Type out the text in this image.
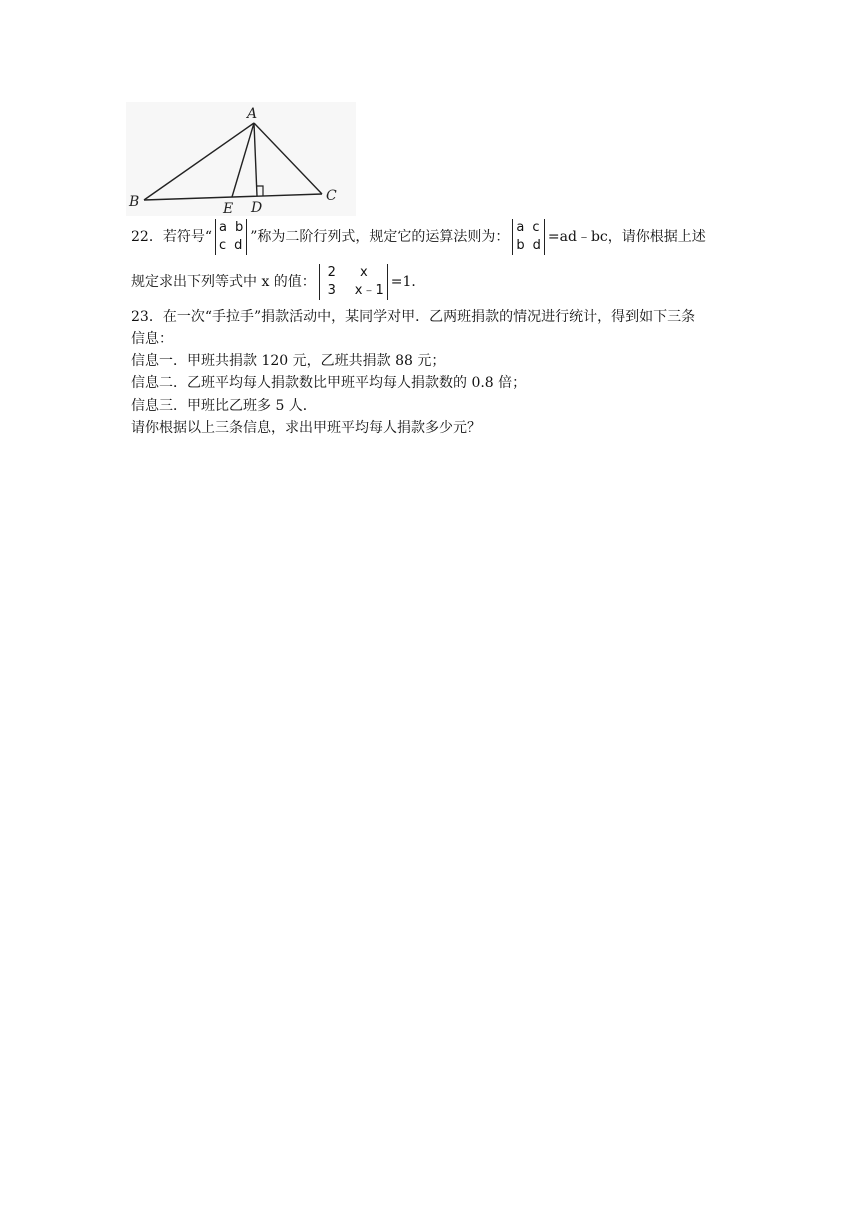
A
B	C
D
E
22．若符号“
a b
c d
”称为二阶行列式，规定它的运算法则为：
a c
b d
=ad﹣bc，请你根据上述
规定求出下列等式中 x 的值：
2	x
3	x﹣1
=1．
23．在一次“手拉手”捐款活动中，某同学对甲．乙两班捐款的情况进行统计，得到如下三条
信息：
信息一．甲班共捐款 120 元，乙班共捐款 88 元；
信息二．乙班平均每人捐款数比甲班平均每人捐款数的 0.8 倍；
信息三．甲班比乙班多 5 人．
请你根据以上三条信息，求出甲班平均每人捐款多少元？
